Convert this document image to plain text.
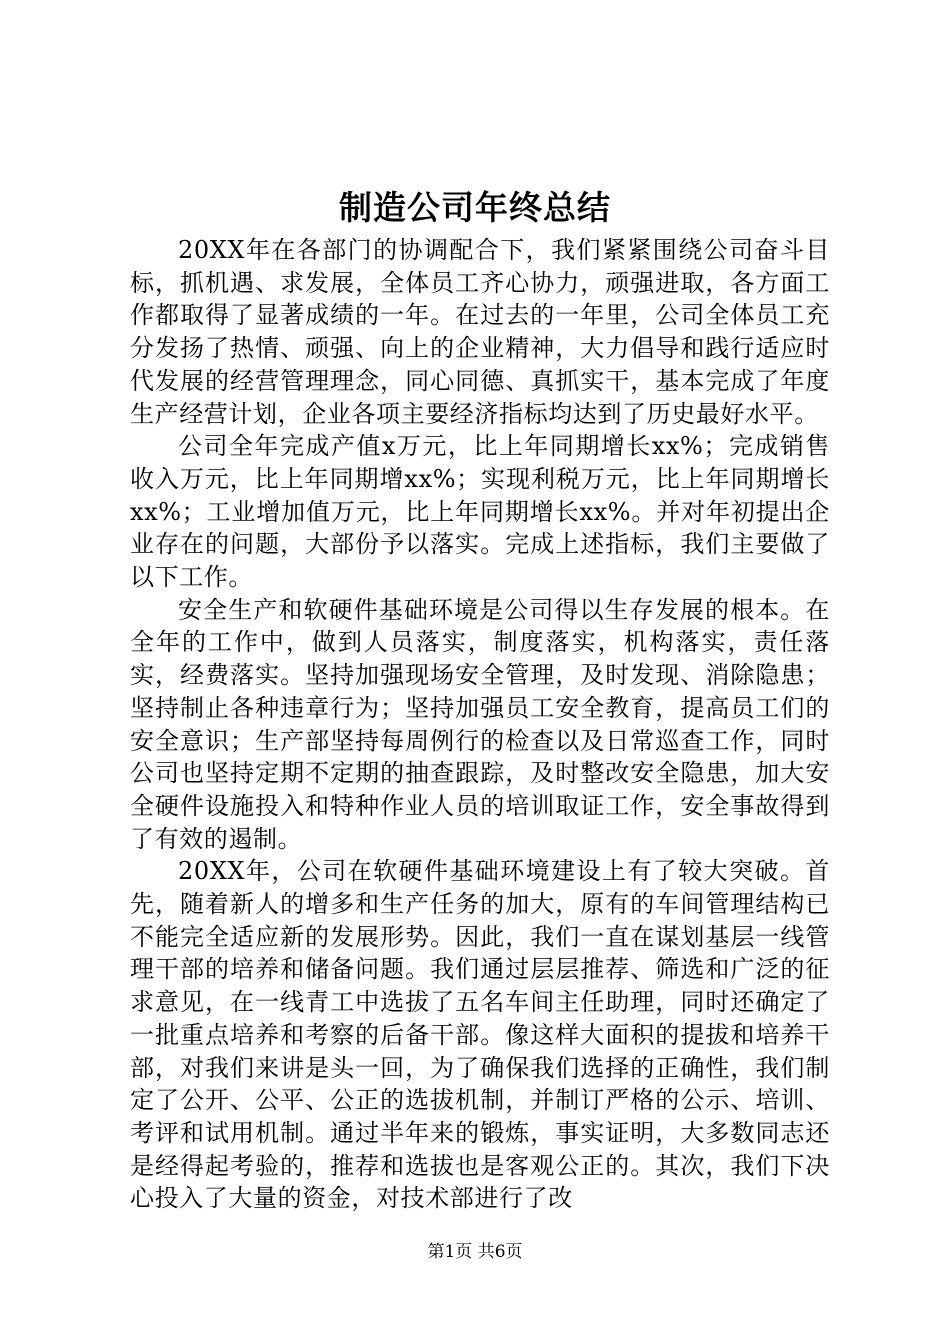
制造公司年终总结

20XX年在各部门的协调配合下，我们紧紧围绕公司奋斗目标，抓机遇、求发展，全体员工齐心协力，顽强进取，各方面工作都取得了显著成绩的一年。在过去的一年里，公司全体员工充分发扬了热情、顽强、向上的企业精神，大力倡导和践行适应时代发展的经营管理理念，同心同德、真抓实干，基本完成了年度生产经营计划，企业各项主要经济指标均达到了历史最好水平。

公司全年完成产值x万元，比上年同期增长xx%；完成销售收入万元，比上年同期增xx%；实现利税万元，比上年同期增长xx%；工业增加值万元，比上年同期增长xx%。并对年初提出企业存在的问题，大部份予以落实。完成上述指标，我们主要做了以下工作。

安全生产和软硬件基础环境是公司得以生存发展的根本。在全年的工作中，做到人员落实，制度落实，机构落实，责任落实，经费落实。坚持加强现场安全管理，及时发现、消除隐患；坚持制止各种违章行为；坚持加强员工安全教育，提高员工们的安全意识；生产部坚持每周例行的检查以及日常巡查工作，同时公司也坚持定期不定期的抽查跟踪，及时整改安全隐患，加大安全硬件设施投入和特种作业人员的培训取证工作，安全事故得到了有效的遏制。

20XX年，公司在软硬件基础环境建设上有了较大突破。首先，随着新人的增多和生产任务的加大，原有的车间管理结构已不能完全适应新的发展形势。因此，我们一直在谋划基层一线管理干部的培养和储备问题。我们通过层层推荐、筛选和广泛的征求意见，在一线青工中选拔了五名车间主任助理，同时还确定了一批重点培养和考察的后备干部。像这样大面积的提拔和培养干部，对我们来讲是头一回，为了确保我们选择的正确性，我们制定了公开、公平、公正的选拔机制，并制订严格的公示、培训、考评和试用机制。通过半年来的锻炼，事实证明，大多数同志还是经得起考验的，推荐和选拔也是客观公正的。其次，我们下决心投入了大量的资金，对技术部进行了改

第1页 共6页
